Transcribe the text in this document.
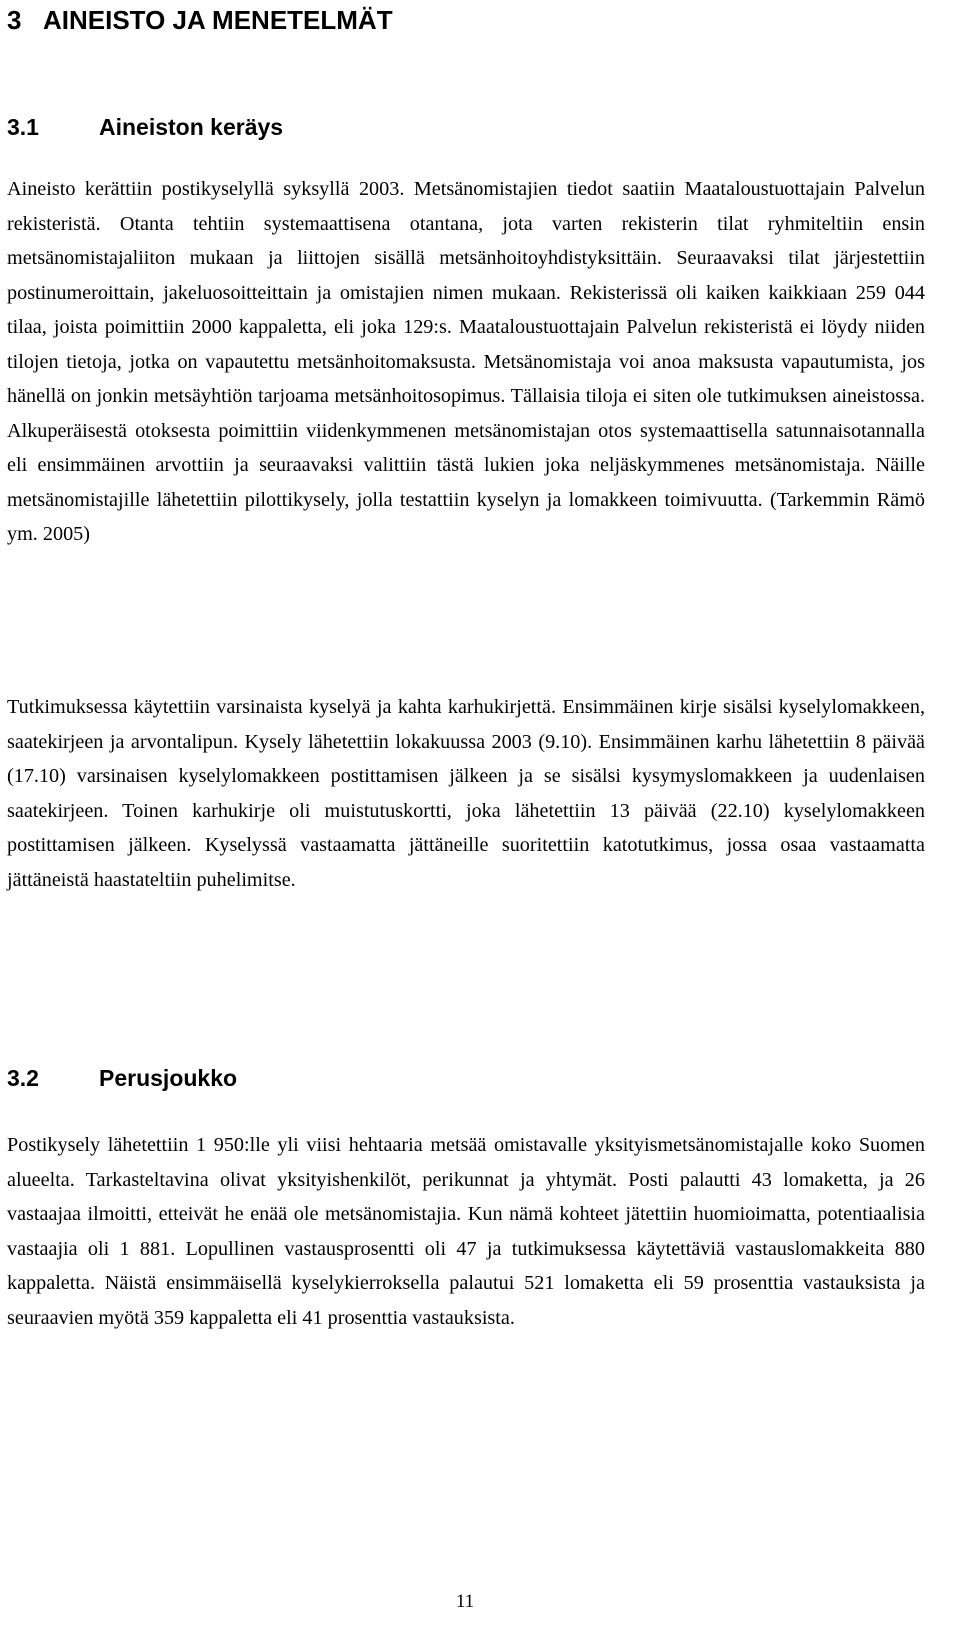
3 AINEISTO JA MENETELMÄT
3.1	Aineiston keräys

Aineisto kerättiin postikyselyllä syksyllä 2003. Metsänomistajien tiedot saatiin Maataloustuottajain Palvelun rekisteristä. Otanta tehtiin systemaattisena otantana, jota varten rekisterin tilat ryhmiteltiin ensin metsänomistajaliiton mukaan ja liittojen sisällä metsänhoitoyhdistyksittäin. Seuraavaksi tilat järjestettiin postinumeroittain, jakeluosoitteittain ja omistajien nimen mukaan. Rekisterissä oli kaiken kaikkiaan 259 044 tilaa, joista poimittiin 2000 kappaletta, eli joka 129:s. Maataloustuottajain Palvelun rekisteristä ei löydy niiden tilojen tietoja, jotka on vapautettu metsänhoitomaksusta. Metsänomistaja voi anoa maksusta vapautumista, jos hänellä on jonkin metsäyhtiön tarjoama metsänhoitosopimus. Tällaisia tiloja ei siten ole tutkimuksen aineistossa. Alkuperäisestä otoksesta poimittiin viidenkymmenen metsänomistajan otos systemaattisella satunnaisotannalla eli ensimmäinen arvottiin ja seuraavaksi valittiin tästä lukien joka neljäskymmenes metsänomistaja. Näille metsänomistajille lähetettiin pilottikysely, jolla testattiin kyselyn ja lomakkeen toimivuutta. (Tarkemmin Rämö ym. 2005)

Tutkimuksessa käytettiin varsinaista kyselyä ja kahta karhukirjettä. Ensimmäinen kirje sisälsi kyselylomakkeen, saatekirjeen ja arvontalipun. Kysely lähetettiin lokakuussa 2003 (9.10). Ensimmäinen karhu lähetettiin 8 päivää (17.10) varsinaisen kyselylomakkeen postittamisen jälkeen ja se sisälsi kysymyslomakkeen ja uudenlaisen saatekirjeen. Toinen karhukirje oli muistutuskortti, joka lähetettiin 13 päivää (22.10) kyselylomakkeen postittamisen jälkeen. Kyselyssä vastaamatta jättäneille suoritettiin katotutkimus, jossa osaa vastaamatta jättäneistä haastateltiin puhelimitse.

3.2	Perusjoukko

Postikysely lähetettiin 1 950:lle yli viisi hehtaaria metsää omistavalle yksityismetsänomistajalle koko Suomen alueelta. Tarkasteltavina olivat yksityishenkilöt, perikunnat ja yhtymät. Posti palautti 43 lomaketta, ja 26 vastaajaa ilmoitti, etteivät he enää ole metsänomistajia. Kun nämä kohteet jätettiin huomioimatta, potentiaalisia vastaajia oli 1 881. Lopullinen vastausprosentti oli 47 ja tutkimuksessa käytettäviä vastauslomakkeita 880 kappaletta. Näistä ensimmäisellä kyselykierroksella palautui 521 lomaketta eli 59 prosenttia vastauksista ja seuraavien myötä 359 kappaletta eli 41 prosenttia vastauksista.

11
